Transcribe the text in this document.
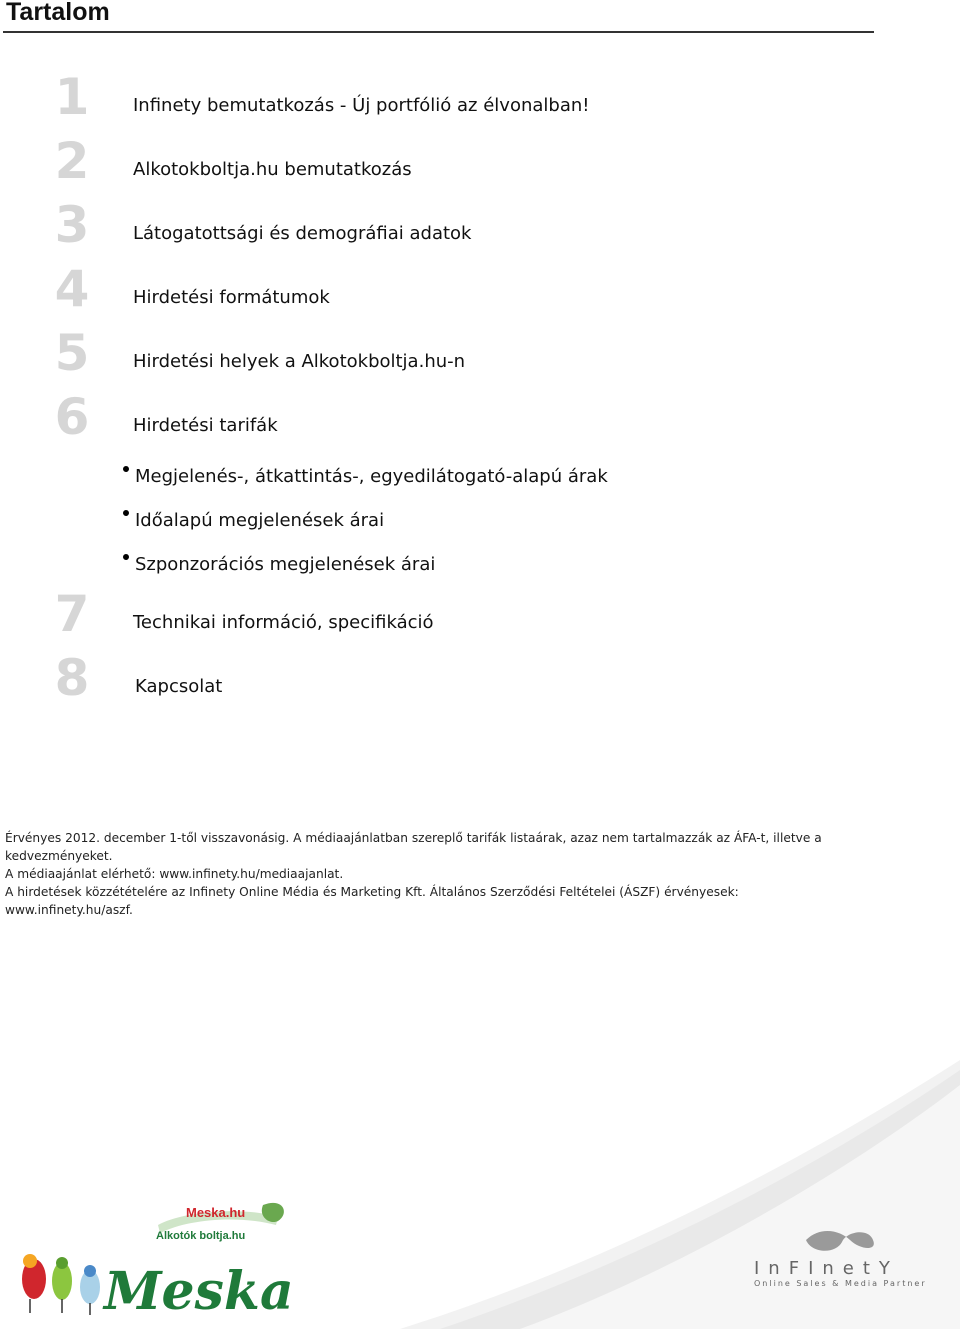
Tartalom
1	Infinety bemutatkozás - Új portfólió az élvonalban!
2	Alkotokboltja.hu bemutatkozás
3	Látogatottsági és demográfiai adatok
4	Hirdetési formátumok
5	Hirdetési helyek a Alkotokboltja.hu-n
6	Hirdetési tarifák
Megjelenés-, átkattintás-, egyedilátogató-alapú árak
Időalapú megjelenések árai
Szponzorációs megjelenések árai
7	Technikai információ, specifikáció
8	Kapcsolat

Érvényes 2012. december 1-től visszavonásig. A médiaajánlatban szereplő tarifák listaárak, azaz nem tartalmazzák az ÁFA-t, illetve a kedvezményeket.

A médiaajánlat elérhető: www.infinety.hu/mediaajanlat.

A hirdetések közzétételére az Infinety Online Média és Marketing Kft. Általános Szerződési Feltételei (ÁSZF) érvényesek: www.infinety.hu/aszf.

Meska.hu
Alkotók boltja.hu
Meska	InFInetY
Online Sales & Media Partner
